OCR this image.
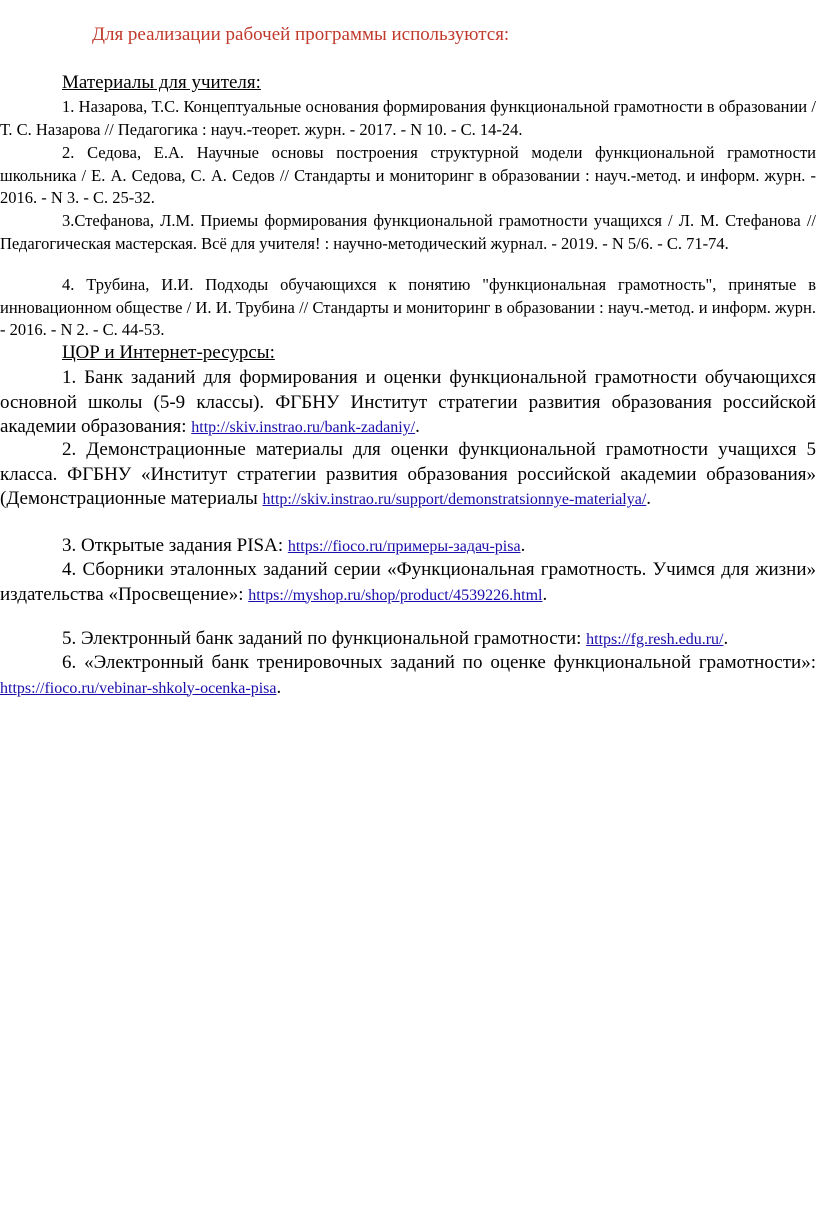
Для реализации рабочей программы используются:
Материалы для учителя:
1. Назарова, Т.С. Концептуальные основания формирования функциональной грамотности в образовании / Т. С. Назарова // Педагогика : науч.-теорет. журн. - 2017. - N 10. - С. 14-24.
2. Седова, Е.А. Научные основы построения структурной модели функциональной грамотности школьника / Е. А. Седова, С. А. Седов // Стандарты и мониторинг в образовании : науч.-метод. и информ. журн. - 2016. - N 3. - С. 25-32.
3.Стефанова, Л.М. Приемы формирования функциональной грамотности учащихся / Л. М. Стефанова // Педагогическая мастерская. Всё для учителя! : научно-методический журнал. - 2019. - N 5/6. - С. 71-74.
4. Трубина, И.И. Подходы обучающихся к понятию "функциональная грамотность", принятые в инновационном обществе / И. И. Трубина // Стандарты и мониторинг в образовании : науч.-метод. и информ. журн. - 2016. - N 2. - С. 44-53.
ЦОР и Интернет-ресурсы:
1. Банк заданий для формирования и оценки функциональной грамотности обучающихся основной школы (5-9 классы). ФГБНУ Институт стратегии развития образования российской академии образования: http://skiv.instrao.ru/bank-zadaniy/.
2. Демонстрационные материалы для оценки функциональной грамотности учащихся 5 класса. ФГБНУ «Институт стратегии развития образования российской академии образования» (Демонстрационные материалы http://skiv.instrao.ru/support/demonstratsionnye-materialya/.
3. Открытые задания PISA: https://fioco.ru/примеры-задач-pisa.
4. Сборники эталонных заданий серии «Функциональная грамотность. Учимся для жизни» издательства «Просвещение»: https://myshop.ru/shop/product/4539226.html.
5. Электронный банк заданий по функциональной грамотности: https://fg.resh.edu.ru/.
6. «Электронный банк тренировочных заданий по оценке функциональной грамотности»: https://fioco.ru/vebinar-shkoly-ocenka-pisa.
